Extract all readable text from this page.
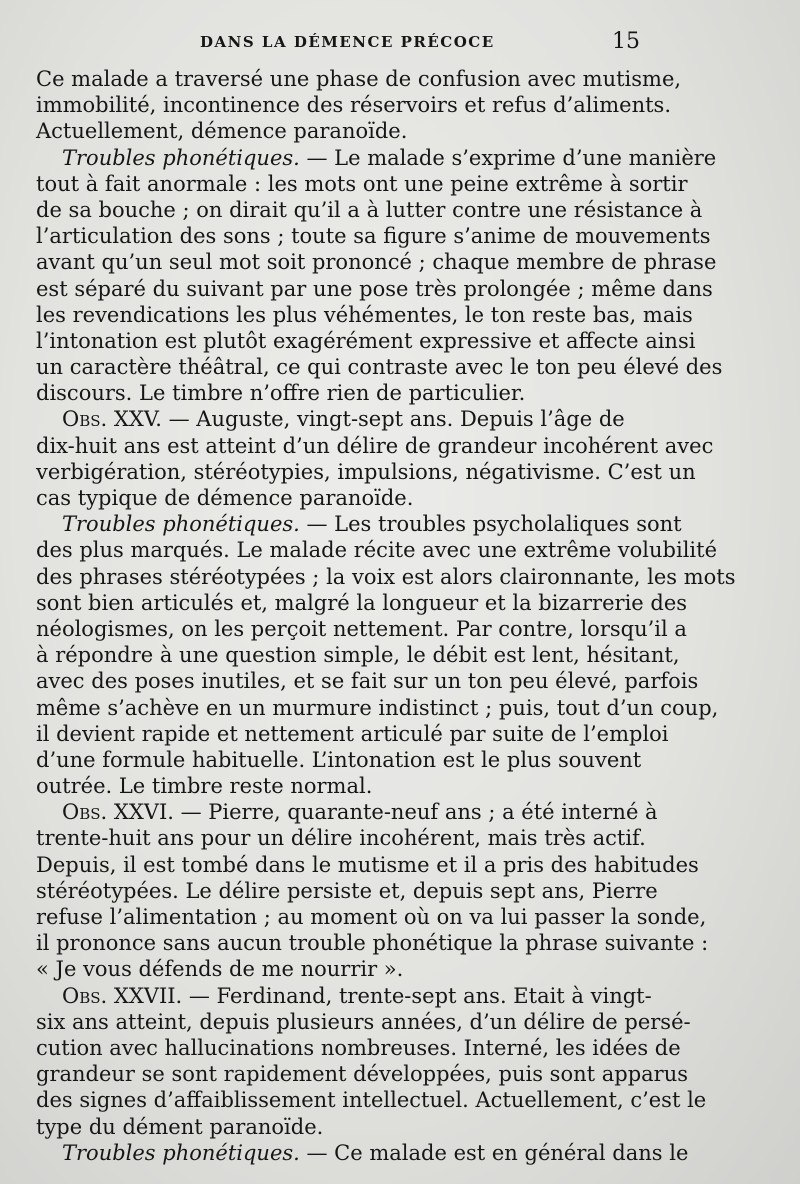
DANS LA DÉMENCE PRÉCOCE	15
Ce malade a traversé une phase de confusion avec mutisme,
immobilité, incontinence des réservoirs et refus d’aliments.
Actuellement, démence paranoïde.
Troubles phonétiques. — Le malade s’exprime d’une manière
tout à fait anormale : les mots ont une peine extrême à sortir
de sa bouche ; on dirait qu’il a à lutter contre une résistance à
l’articulation des sons ; toute sa figure s’anime de mouvements
avant qu’un seul mot soit prononcé ; chaque membre de phrase
est séparé du suivant par une pose très prolongée ; même dans
les revendications les plus véhémentes, le ton reste bas, mais
l’intonation est plutôt exagérément expressive et affecte ainsi
un caractère théâtral, ce qui contraste avec le ton peu élevé des
discours. Le timbre n’offre rien de particulier.
Obs. XXV. — Auguste, vingt-sept ans. Depuis l’âge de
dix-huit ans est atteint d’un délire de grandeur incohérent avec
verbigération, stéréotypies, impulsions, négativisme. C’est un
cas typique de démence paranoïde.
Troubles phonétiques. — Les troubles psycholaliques sont
des plus marqués. Le malade récite avec une extrême volubilité
des phrases stéréotypées ; la voix est alors claironnante, les mots
sont bien articulés et, malgré la longueur et la bizarrerie des
néologismes, on les perçoit nettement. Par contre, lorsqu’il a
à répondre à une question simple, le débit est lent, hésitant,
avec des poses inutiles, et se fait sur un ton peu élevé, parfois
même s’achève en un murmure indistinct ; puis, tout d’un coup,
il devient rapide et nettement articulé par suite de l’emploi
d’une formule habituelle. L’intonation est le plus souvent
outrée. Le timbre reste normal.
Obs. XXVI. — Pierre, quarante-neuf ans ; a été interné à
trente-huit ans pour un délire incohérent, mais très actif.
Depuis, il est tombé dans le mutisme et il a pris des habitudes
stéréotypées. Le délire persiste et, depuis sept ans, Pierre
refuse l’alimentation ; au moment où on va lui passer la sonde,
il prononce sans aucun trouble phonétique la phrase suivante :
« Je vous défends de me nourrir ».
Obs. XXVII. — Ferdinand, trente-sept ans. Etait à vingt-
six ans atteint, depuis plusieurs années, d’un délire de persé-
cution avec hallucinations nombreuses. Interné, les idées de
grandeur se sont rapidement développées, puis sont apparus
des signes d’affaiblissement intellectuel. Actuellement, c’est le
type du dément paranoïde.
Troubles phonétiques. — Ce malade est en général dans le
